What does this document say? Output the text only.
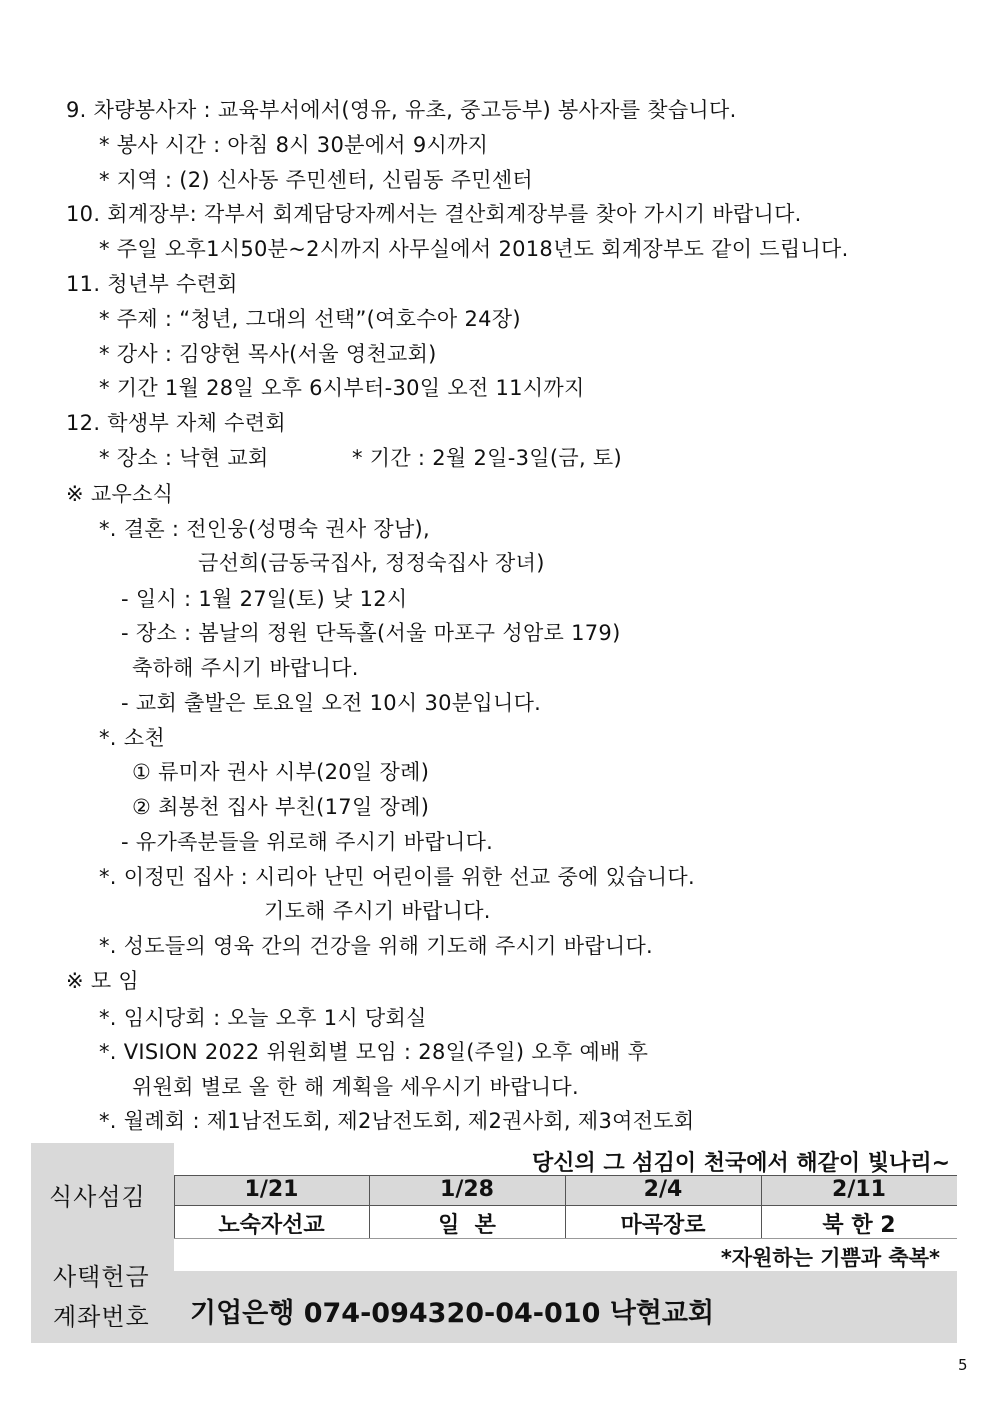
9. 차량봉사자 : 교육부서에서(영유, 유초, 중고등부) 봉사자를 찾습니다.
* 봉사 시간 : 아침 8시 30분에서 9시까지
* 지역 : (2) 신사동 주민센터, 신림동 주민센터
10. 회계장부: 각부서 회계담당자께서는 결산회계장부를 찾아 가시기 바랍니다.
* 주일 오후1시50분~2시까지 사무실에서 2018년도 회계장부도 같이 드립니다.
11. 청년부 수련회
* 주제 : “청년, 그대의 선택”(여호수아 24장)
* 강사 : 김양현 목사(서울 영천교회)
* 기간 1월 28일 오후 6시부터-30일 오전 11시까지
12. 학생부 자체 수련회
* 장소 : 낙현 교회	* 기간 : 2월 2일-3일(금, 토)
※ 교우소식
*. 결혼 : 전인웅(성명숙 권사 장남),
금선희(금동국집사, 정정숙집사 장녀)
- 일시 : 1월 27일(토) 낮 12시
- 장소 : 봄날의 정원 단독홀(서울 마포구 성암로 179)
축하해 주시기 바랍니다.
- 교회 출발은 토요일 오전 10시 30분입니다.
*. 소천
① 류미자 권사 시부(20일 장례)
② 최봉천 집사 부친(17일 장례)
- 유가족분들을 위로해 주시기 바랍니다.
*. 이정민 집사 : 시리아 난민 어린이를 위한 선교 중에 있습니다.
기도해 주시기 바랍니다.
*. 성도들의 영육 간의 건강을 위해 기도해 주시기 바랍니다.
※ 모 임
*. 임시당회 : 오늘 오후 1시 당회실
*. VISION 2022 위원회별 모임 : 28일(주일) 오후 예배 후
위원회 별로 올 한 해 계획을 세우시기 바랍니다.
*. 월례회 : 제1남전도회, 제2남전도회, 제2권사회, 제3여전도회
식사섬김
당신의 그 섬김이 천국에서 해같이 빛나리~
1/21	1/28	2/4	2/11
노숙자선교	일  본	마곡장로	북 한 2
사택헌금
*자원하는 기쁨과 축복*
계좌번호 기업은행 074-094320-04-010 낙현교회
5
